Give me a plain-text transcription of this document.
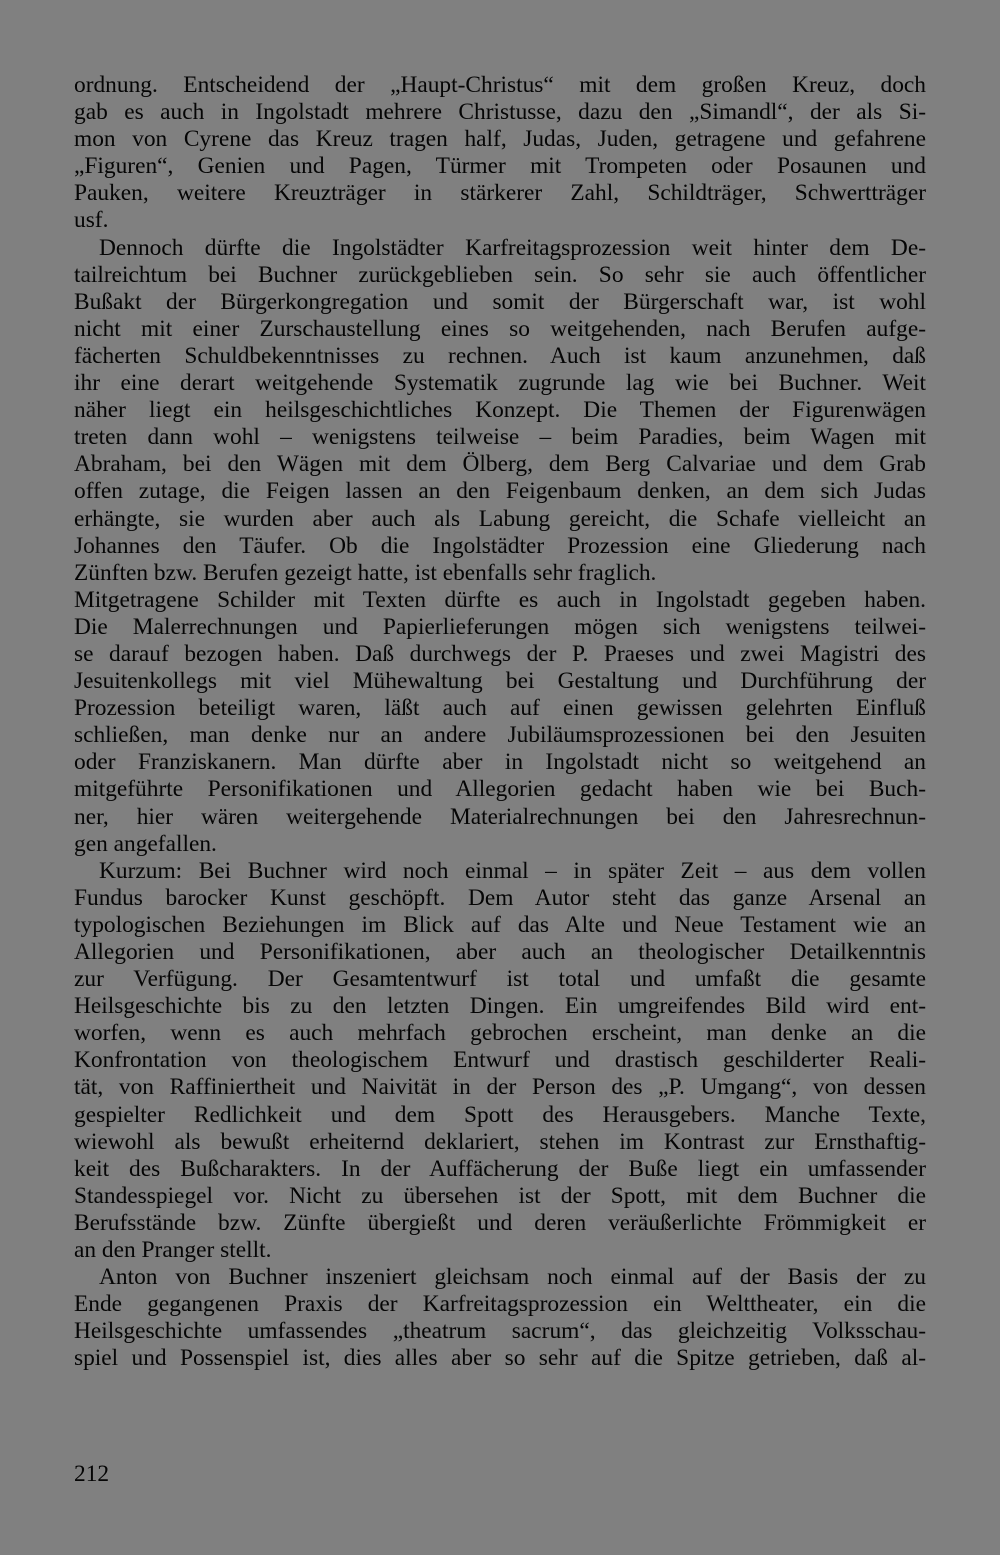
ordnung. Entscheidend der „Haupt-Christus“ mit dem großen Kreuz, doch

gab es auch in Ingolstadt mehrere Christusse, dazu den „Simandl“, der als Si-

mon von Cyrene das Kreuz tragen half, Judas, Juden, getragene und gefahrene

„Figuren“, Genien und Pagen, Türmer mit Trompeten oder Posaunen und

Pauken, weitere Kreuzträger in stärkerer Zahl, Schildträger, Schwertträger

usf.

Dennoch dürfte die Ingolstädter Karfreitagsprozession weit hinter dem De-

tailreichtum bei Buchner zurückgeblieben sein. So sehr sie auch öffentlicher

Bußakt der Bürgerkongregation und somit der Bürgerschaft war, ist wohl

nicht mit einer Zurschaustellung eines so weitgehenden, nach Berufen aufge-

fächerten Schuldbekenntnisses zu rechnen. Auch ist kaum anzunehmen, daß

ihr eine derart weitgehende Systematik zugrunde lag wie bei Buchner. Weit

näher liegt ein heilsgeschichtliches Konzept. Die Themen der Figurenwägen

treten dann wohl – wenigstens teilweise – beim Paradies, beim Wagen mit

Abraham, bei den Wägen mit dem Ölberg, dem Berg Calvariae und dem Grab

offen zutage, die Feigen lassen an den Feigenbaum denken, an dem sich Judas

erhängte, sie wurden aber auch als Labung gereicht, die Schafe vielleicht an

Johannes den Täufer. Ob die Ingolstädter Prozession eine Gliederung nach

Zünften bzw. Berufen gezeigt hatte, ist ebenfalls sehr fraglich.

Mitgetragene Schilder mit Texten dürfte es auch in Ingolstadt gegeben haben.

Die Malerrechnungen und Papierlieferungen mögen sich wenigstens teilwei-

se darauf bezogen haben. Daß durchwegs der P. Praeses und zwei Magistri des

Jesuitenkollegs mit viel Mühewaltung bei Gestaltung und Durchführung der

Prozession beteiligt waren, läßt auch auf einen gewissen gelehrten Einfluß

schließen, man denke nur an andere Jubiläumsprozessionen bei den Jesuiten

oder Franziskanern. Man dürfte aber in Ingolstadt nicht so weitgehend an

mitgeführte Personifikationen und Allegorien gedacht haben wie bei Buch-

ner, hier wären weitergehende Materialrechnungen bei den Jahresrechnun-

gen angefallen.

Kurzum: Bei Buchner wird noch einmal – in später Zeit – aus dem vollen

Fundus barocker Kunst geschöpft. Dem Autor steht das ganze Arsenal an

typologischen Beziehungen im Blick auf das Alte und Neue Testament wie an

Allegorien und Personifikationen, aber auch an theologischer Detailkenntnis

zur Verfügung. Der Gesamtentwurf ist total und umfaßt die gesamte

Heilsgeschichte bis zu den letzten Dingen. Ein umgreifendes Bild wird ent-

worfen, wenn es auch mehrfach gebrochen erscheint, man denke an die

Konfrontation von theologischem Entwurf und drastisch geschilderter Reali-

tät, von Raffiniertheit und Naivität in der Person des „P. Umgang“, von dessen

gespielter Redlichkeit und dem Spott des Herausgebers. Manche Texte,

wiewohl als bewußt erheiternd deklariert, stehen im Kontrast zur Ernsthaftig-

keit des Bußcharakters. In der Auffächerung der Buße liegt ein umfassender

Standesspiegel vor. Nicht zu übersehen ist der Spott, mit dem Buchner die

Berufsstände bzw. Zünfte übergießt und deren veräußerlichte Frömmigkeit er

an den Pranger stellt.

Anton von Buchner inszeniert gleichsam noch einmal auf der Basis der zu

Ende gegangenen Praxis der Karfreitagsprozession ein Welttheater, ein die

Heilsgeschichte umfassendes „theatrum sacrum“, das gleichzeitig Volksschau-

spiel und Possenspiel ist, dies alles aber so sehr auf die Spitze getrieben, daß al-

212
